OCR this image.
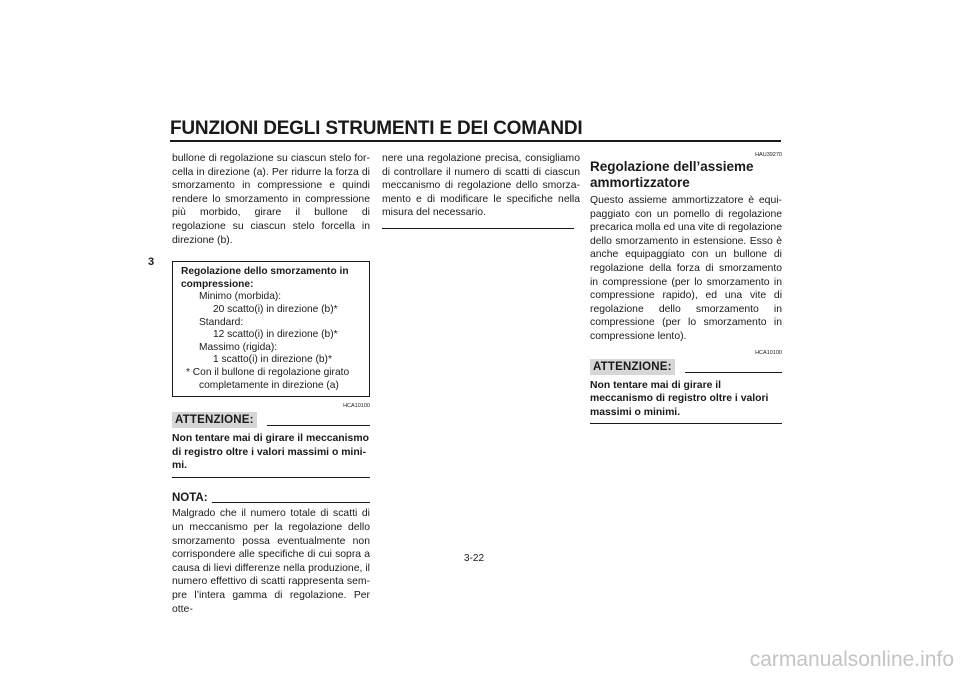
FUNZIONI DEGLI STRUMENTI E DEI COMANDI
3

bullone di regolazione su ciascun stelo forcella in direzione (a). Per ridurre la forza di smorzamento in compressione e quindi rendere lo smorzamento in compressione più morbido, girare il bullone di regolazione su ciascun stelo forcella in direzione (b).

Regolazione dello smorzamento in compressione:
Minimo (morbida):
20 scatto(i) in direzione (b)*
Standard:
12 scatto(i) in direzione (b)*
Massimo (rigida):
1 scatto(i) in direzione (b)*
* Con il bullone di regolazione girato
completamente in direzione (a)
HCA10100
ATTENZIONE:

Non tentare mai di girare il meccanismo di registro oltre i valori massimi o minimi.

NOTA:

Malgrado che il numero totale di scatti di un meccanismo per la regolazione dello smorzamento possa eventualmente non corrispondere alle specifiche di cui sopra a causa di lievi differenze nella produzione, il numero effettivo di scatti rappresenta sempre l’intera gamma di regolazione. Per otte-

nere una regolazione precisa, consigliamo di controllare il numero di scatti di ciascun meccanismo di regolazione dello smorzamento e di modificare le specifiche nella misura del necessario.

HAU39270
Regolazione dell’assieme ammortizzatore

Questo assieme ammortizzatore è equipaggiato con un pomello di regolazione precarica molla ed una vite di regolazione dello smorzamento in estensione. Esso è anche equipaggiato con un bullone di regolazione della forza di smorzamento in compressione (per lo smorzamento in compressione rapido), ed una vite di regolazione dello smorzamento in compressione (per lo smorzamento in compressione lento).

HCA10100
ATTENZIONE:

Non tentare mai di girare il meccanismo di registro oltre i valori massimi o minimi.

3-22
carmanualsonline.info
